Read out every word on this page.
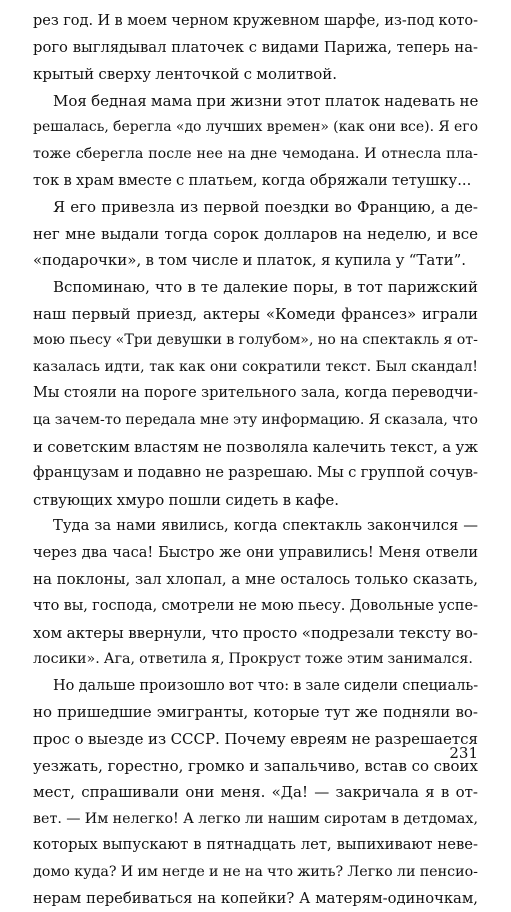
рез год. И в моем черном кружевном шарфе, из-под кото-
рого выглядывал платочек с видами Парижа, теперь на-
крытый сверху ленточкой с молитвой.
Моя бедная мама при жизни этот платок надевать не
решалась, берегла «до лучших времен» (как они все). Я его
тоже сберегла после нее на дне чемодана. И отнесла пла-
ток в храм вместе с платьем, когда обряжали тетушку...
Я его привезла из первой поездки во Францию, а де-
нег мне выдали тогда сорок долларов на неделю, и все
«подарочки», в том числе и платок, я купила у “Тати”.
Вспоминаю, что в те далекие поры, в тот парижский
наш первый приезд, актеры «Комеди франсез» играли
мою пьесу «Три девушки в голубом», но на спектакль я от-
казалась идти, так как они сократили текст. Был скандал!
Мы стояли на пороге зрительного зала, когда переводчи-
ца зачем-то передала мне эту информацию. Я сказала, что
и советским властям не позволяла калечить текст, а уж
французам и подавно не разрешаю. Мы с группой сочув-
ствующих хмуро пошли сидеть в кафе.
Туда за нами явились, когда спектакль закончился —
через два часа! Быстро же они управились! Меня отвели
на поклоны, зал хлопал, а мне осталось только сказать,
что вы, господа, смотрели не мою пьесу. Довольные успе-
хом актеры ввернули, что просто «подрезали тексту во-
лосики». Ага, ответила я, Прокруст тоже этим занимался.
Но дальше произошло вот что: в зале сидели специаль-
но пришедшие эмигранты, которые тут же подняли во-
прос о выезде из СССР. Почему евреям не разрешается
уезжать, горестно, громко и запальчиво, встав со своих
мест, спрашивали они меня. «Да! — закричала я в от-
вет. — Им нелегко! А легко ли нашим сиротам в детдомах,
которых выпускают в пятнадцать лет, выпихивают неве-
домо куда? И им негде и не на что жить? Легко ли пенсио-
нерам перебиваться на копейки? А матерям-одиночкам,
231
